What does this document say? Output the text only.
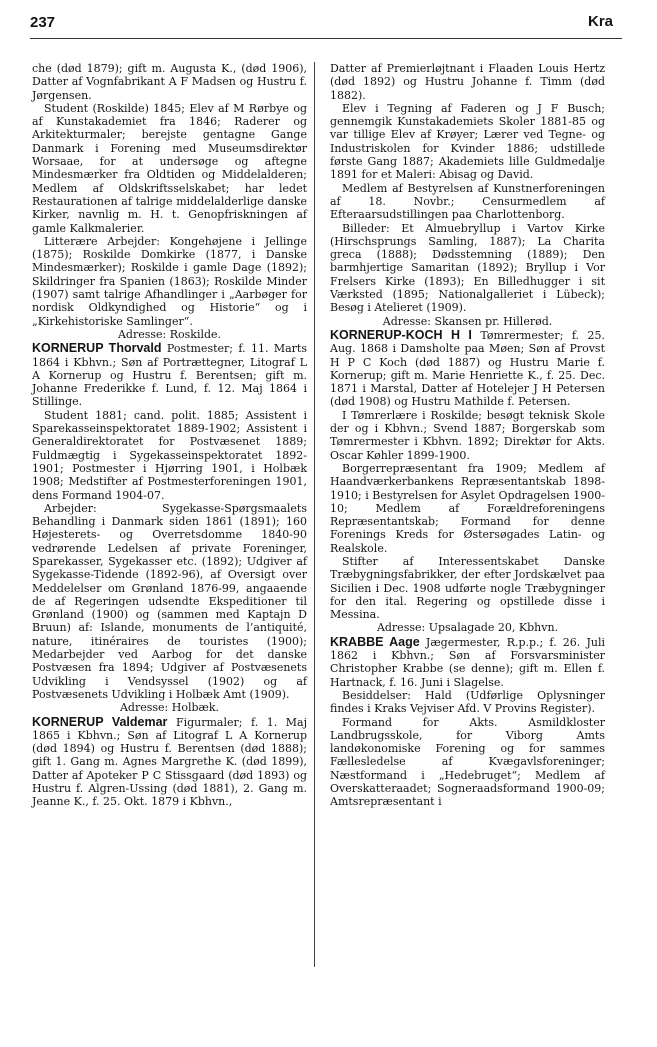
237	Kra

che (død 1879); gift m. Augusta K., (død 1906), Datter af Vognfabrikant A F Madsen og Hustru f. Jørgensen.

Student (Roskilde) 1845; Elev af M Rørbye og af Kunstakademiet fra 1846; Raderer og Arkitekturmaler; berejste gentagne Gange Danmark i Forening med Museumsdirektør Worsaae, for at undersøge og aftegne Mindesmærker fra Oldtiden og Middelalderen; Medlem af Oldskriftsselskabet; har ledet Restaurationen af talrige middelalderlige danske Kirker, navnlig m. H. t. Genopfriskningen af gamle Kalkmalerier.

Litterære Arbejder: Kongehøjene i Jellinge (1875); Roskilde Domkirke (1877, i Danske Mindesmærker); Roskilde i gamle Dage (1892); Skildringer fra Spanien (1863); Roskilde Minder (1907) samt talrige Afhandlinger i „Aarbøger for nordisk Oldkyndighed og Historie“ og i „Kirkehistoriske Samlinger“.

Adresse: Roskilde.

KORNERUP Thorvald Postmester; f. 11. Marts 1864 i Kbhvn.; Søn af Portrættegner, Litograf L A Kornerup og Hustru f. Berentsen; gift m. Johanne Frederikke f. Lund, f. 12. Maj 1864 i Stillinge.

Student 1881; cand. polit. 1885; Assistent i Sparekasseinspektoratet 1889-1902; Assistent i Generaldirektoratet for Postvæsenet 1889; Fuldmægtig i Sygekasseinspektoratet 1892-1901; Postmester i Hjørring 1901, i Holbæk 1908; Medstifter af Postmesterforeningen 1901, dens Formand 1904-07.

Arbejder: Sygekasse-Spørgsmaalets Behandling i Danmark siden 1861 (1891); 160 Højesterets- og Overretsdomme 1840-90 vedrørende Ledelsen af private Foreninger, Sparekasser, Sygekasser etc. (1892); Udgiver af Sygekasse-Tidende (1892-96), af Oversigt over Meddelelser om Grønland 1876-99, angaaende de af Regeringen udsendte Ekspeditioner til Grønland (1900) og (sammen med Kaptajn D Bruun) af: Islande, monuments de l’antiquité, nature, itinéraires de touristes (1900); Medarbejder ved Aarbog for det danske Postvæsen fra 1894; Udgiver af Postvæsenets Udvikling i Vendsyssel (1902) og af Postvæsenets Udvikling i Holbæk Amt (1909).

Adresse: Holbæk.

KORNERUP Valdemar Figurmaler; f. 1. Maj 1865 i Kbhvn.; Søn af Litograf L A Kornerup (død 1894) og Hustru f. Berentsen (død 1888); gift 1. Gang m. Agnes Margrethe K. (død 1899), Datter af Apoteker P C Stissgaard (død 1893) og Hustru f. Algren-Ussing (død 1881), 2. Gang m. Jeanne K., f. 25. Okt. 1879 i Kbhvn.,

Datter af Premierløjtnant i Flaaden Louis Hertz (død 1892) og Hustru Johanne f. Timm (død 1882).

Elev i Tegning af Faderen og J F Busch; gennemgik Kunstakademiets Skoler 1881-85 og var tillige Elev af Krøyer; Lærer ved Tegne- og Industriskolen for Kvinder 1886; udstillede første Gang 1887; Akademiets lille Guldmedalje 1891 for et Maleri: Abisag og David.

Medlem af Bestyrelsen af Kunstnerforeningen af 18. Novbr.; Censurmedlem af Efteraarsudstillingen paa Charlottenborg.

Billeder: Et Almuebryllup i Vartov Kirke (Hirschsprungs Samling, 1887); La Charita greca (1888); Dødsstemning (1889); Den barmhjertige Samaritan (1892); Bryllup i Vor Frelsers Kirke (1893); En Billedhugger i sit Værksted (1895; Nationalgalleriet i Lübeck); Besøg i Atelieret (1909).

Adresse: Skansen pr. Hillerød.

KORNERUP-KOCH H I Tømrermester; f. 25. Aug. 1868 i Damsholte paa Møen; Søn af Provst H P C Koch (død 1887) og Hustru Marie f. Kornerup; gift m. Marie Henriette K., f. 25. Dec. 1871 i Marstal, Datter af Hotelejer J H Petersen (død 1908) og Hustru Mathilde f. Petersen.

I Tømrerlære i Roskilde; besøgt teknisk Skole der og i Kbhvn.; Svend 1887; Borgerskab som Tømrermester i Kbhvn. 1892; Direktør for Akts. Oscar Køhler 1899-1900.

Borgerrepræsentant fra 1909; Medlem af Haandværkerbankens Repræsentantskab 1898-1910; i Bestyrelsen for Asylet Opdragelsen 1900-10; Medlem af Forældreforeningens Repræsentantskab; Formand for denne Forenings Kreds for Østersøgades Latin- og Realskole.

Stifter af Interessentskabet Danske Træbygningsfabrikker, der efter Jordskælvet paa Sicilien i Dec. 1908 udførte nogle Træbygninger for den ital. Regering og opstillede disse i Messina.

Adresse: Upsalagade 20, Kbhvn.

KRABBE Aage Jægermester, R.p.p.; f. 26. Juli 1862 i Kbhvn.; Søn af Forsvarsminister Christopher Krabbe (se denne); gift m. Ellen f. Hartnack, f. 16. Juni i Slagelse.

Besiddelser: Hald (Udførlige Oplysninger findes i Kraks Vejviser Afd. V Provins Register).

Formand for Akts. Asmildkloster Landbrugsskole, for Viborg Amts landøkonomiske Forening og for sammes Fællesledelse af Kvægavlsforeninger; Næstformand i „Hedebruget“; Medlem af Overskatteraadet; Sogneraadsformand 1900-09; Amtsrepræsentant i
